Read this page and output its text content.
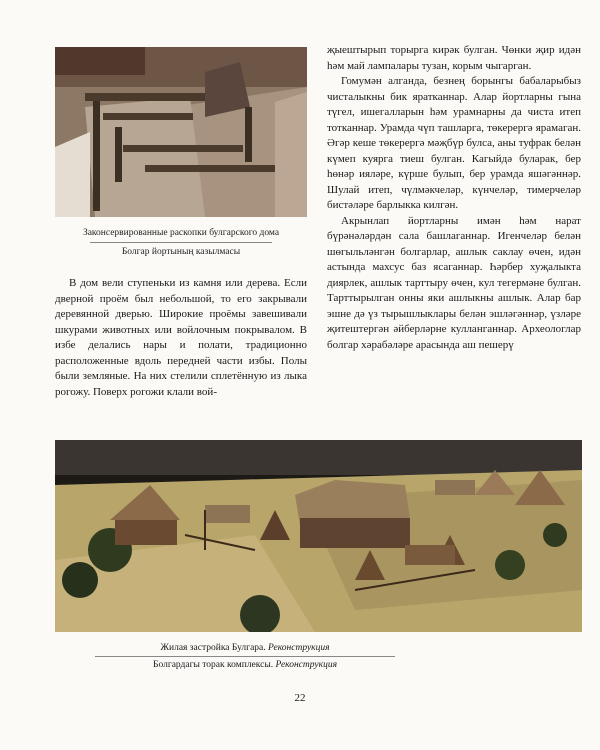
Законсервированные раскопки булгарского дома
Болгар йортының казылмасы

В дом вели ступеньки из камня или дерева. Если дверной проём был небольшой, то его закрывали деревянной дверью. Широкие проёмы завешивали шкурами животных или войлочным покрывалом. В избе делались нары и полати, традиционно расположенные вдоль передней части избы. Полы были земляные. На них стелили сплетённую из лыка рогожу. Поверх рогожи клали вой-

җыештырып торырга кирәк булган. Чөнки җир идән һәм май лампалары тузан, корым чыгарган.

Гомумән алганда, безнең борынгы бабаларыбыз чисталыкны бик яратканнар. Алар йортларны гына түгел, ишегалларын һәм урамнарны да чиста итеп тотканнар. Урамда чүп ташларга, төкерергә ярамаган. Әгәр кеше төкерергә мәҗбүр булса, аны туфрак белән күмеп куярга тиеш булган. Кагыйдә буларак, бер һөнәр ияләре, күрше булып, бер урамда яшәгәннәр. Шулай итеп, чүлмәкчеләр, күнчеләр, тимерчеләр бистәләре барлыкка килгән.

Акрынлап йортларны имән һәм нарат бүрәнәләрдән сала башлаганнар. Игенчеләр белән шөгыльләнгән болгарлар, ашлык саклау өчен, идән астында махсус баз ясаганнар. Һәрбер хуҗалыкта диярлек, ашлык тарттыру өчен, кул тегермәне булган. Тарттырылган онны яки ашлыкны ашлык. Алар бар эшне дә үз тырышлыклары белән эшләгәннәр, үзләре җитештергән әйберләрне кулланганнар. Археологлар болгар хәрабәләре арасында аш пешерү

Жилая застройка Булгара. Реконструкция
Болгардагы торак комплексы. Реконструкция
22
